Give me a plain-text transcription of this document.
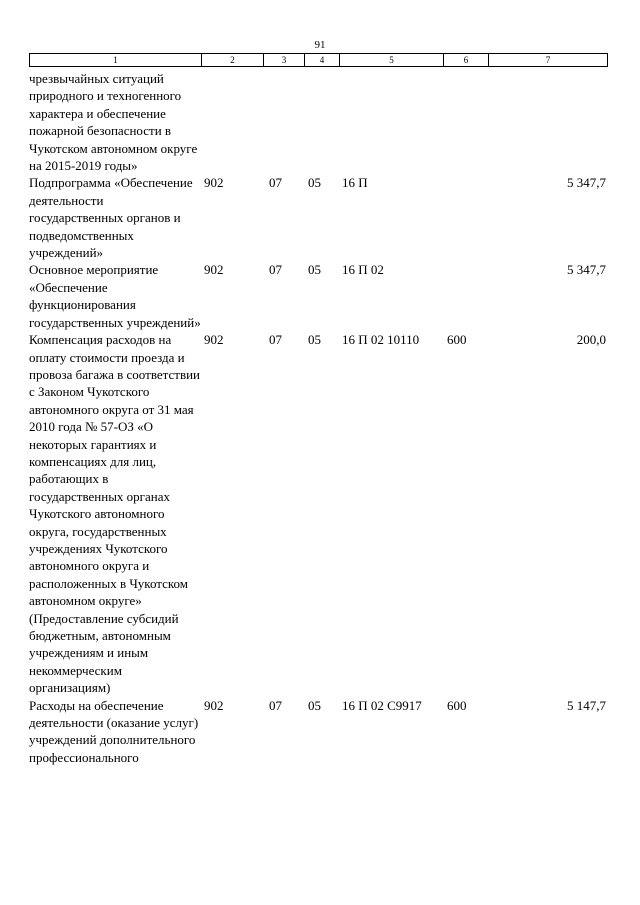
91
1	2	3	4	5	6	7
чрезвычайных ситуаций природного и техногенного характера и обеспечение пожарной безопасности в Чукотском автономном округе на 2015-2019 годы»						
Подпрограмма «Обеспечение деятельности государственных органов и подведомственных учреждений»	902	07	05	16 П		5 347,7
Основное мероприятие «Обеспечение функционирования государственных учреждений»	902	07	05	16 П 02		5 347,7
Компенсация расходов на оплату стоимости проезда и провоза багажа в соответствии с Законом Чукотского автономного округа от 31 мая 2010 года № 57-ОЗ «О некоторых гарантиях и компенсациях для лиц, работающих в государственных органах Чукотского автономного округа, государственных учреждениях Чукотского автономного округа и расположенных в Чукотском автономном округе» (Предоставление субсидий бюджетным, автономным учреждениям и иным некоммерческим организациям)	902	07	05	16 П 02 10110	600	200,0
Расходы на обеспечение деятельности (оказание услуг) учреждений дополнительного профессионального	902	07	05	16 П 02 С9917	600	5 147,7
